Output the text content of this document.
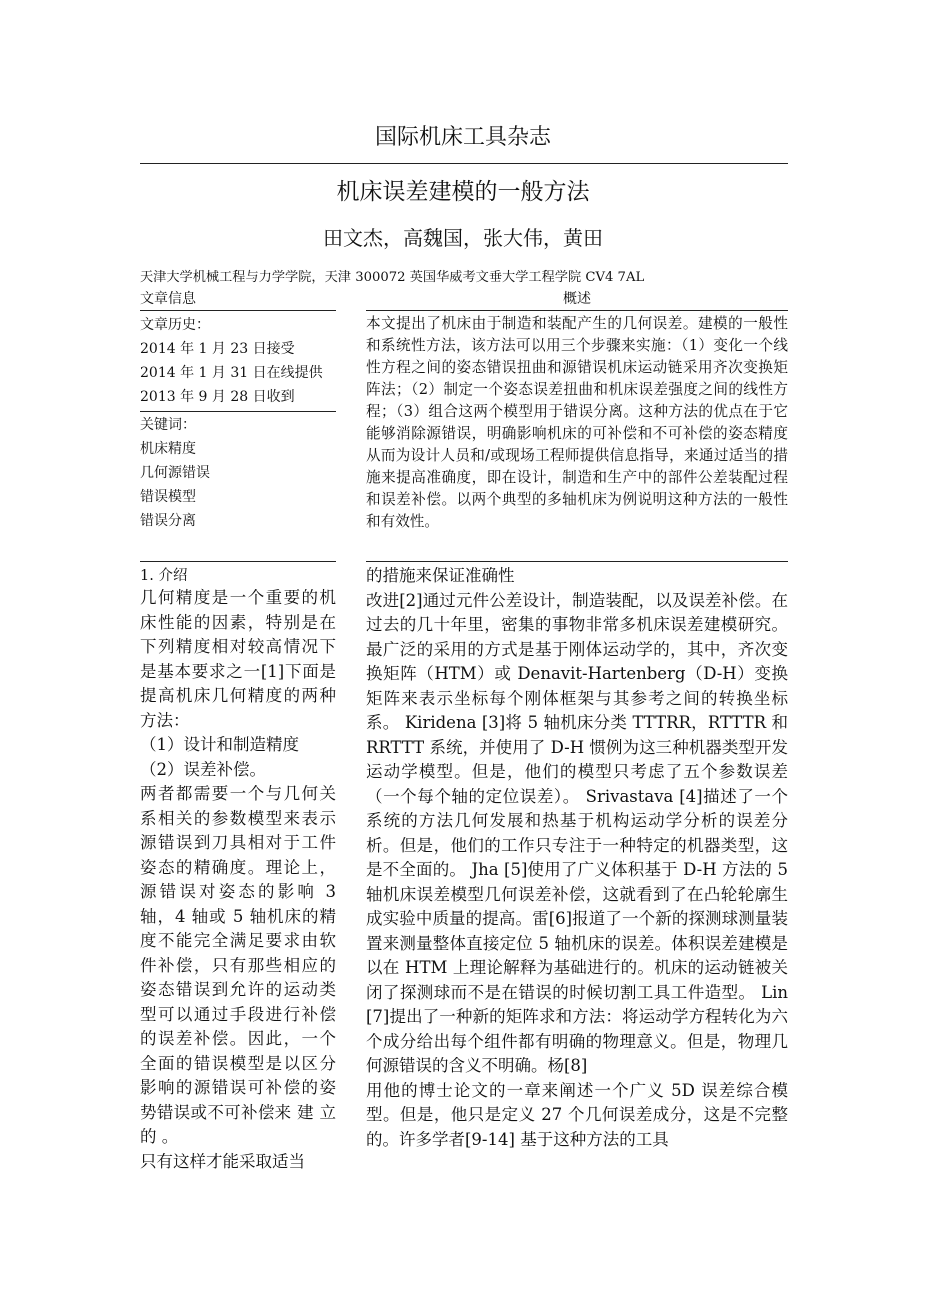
国际机床工具杂志
机床误差建模的一般方法
田文杰，高魏国，张大伟，黄田
天津大学机械工程与力学学院，天津 300072 英国华威考文垂大学工程学院 CV4 7AL
文章信息	概述
文章历史：
2014 年 1 月 23 日接受
2014 年 1 月 31 日在线提供
2013 年 9 月 28 日收到
关键词：
机床精度
几何源错误
错误模型
错误分离
本文提出了机床由于制造和装配产生的几何误差。建模的一般性和系统性方法，该方法可以用三个步骤来实施：（1）变化一个线性方程之间的姿态错误扭曲和源错误机床运动链采用齐次变换矩阵法；（2）制定一个姿态误差扭曲和机床误差强度之间的线性方程；（3）组合这两个模型用于错误分离。这种方法的优点在于它能够消除源错误，明确影响机床的可补偿和不可补偿的姿态精度从而为设计人员和/或现场工程师提供信息指导，来通过适当的措施来提高准确度，即在设计，制造和生产中的部件公差装配过程和误差补偿。以两个典型的多轴机床为例说明这种方法的一般性和有效性。
1. 介绍

几何精度是一个重要的机床性能的因素，特别是在下列精度相对较高情况下是基本要求之一[1]下面是提高机床几何精度的两种方法：

（1）设计和制造精度

（2）误差补偿。

两者都需要一个与几何关系相关的参数模型来表示源错误到刀具相对于工件姿态的精确度。理论上，源错误对姿态的影响 3 轴，4 轴或 5 轴机床的精度不能完全满足要求由软件补偿，只有那些相应的姿态错误到允许的运动类型可以通过手段进行补偿的误差补偿。因此，一个全面的错误模型是以区分影响的源错误可补偿的姿势错误或不可补偿来 建 立 的 。

只有这样才能采取适当

的措施来保证准确性

改进[2]通过元件公差设计，制造装配，以及误差补偿。在过去的几十年里，密集的事物非常多机床误差建模研究。最广泛的采用的方式是基于刚体运动学的，其中，齐次变换矩阵（HTM）或 Denavit-Hartenberg（D-H）变换矩阵来表示坐标每个刚体框架与其参考之间的转换坐标系。 Kiridena [3]将 5 轴机床分类 TTTRR，RTTTR 和 RRTTT 系统，并使用了 D-H 惯例为这三种机器类型开发运动学模型。但是，他们的模型只考虑了五个参数误差（一个每个轴的定位误差）。 Srivastava [4]描述了一个系统的方法几何发展和热基于机构运动学分析的误差分析。但是，他们的工作只专注于一种特定的机器类型，这是不全面的。 Jha [5]使用了广义体积基于 D-H 方法的 5 轴机床误差模型几何误差补偿，这就看到了在凸轮轮廓生成实验中质量的提高。雷[6]报道了一个新的探测球测量装置来测量整体直接定位 5 轴机床的误差。体积误差建模是以在 HTM 上理论解释为基础进行的。机床的运动链被关闭了探测球而不是在错误的时候切割工具工件造型。 Lin [7]提出了一种新的矩阵求和方法：将运动学方程转化为六个成分给出每个组件都有明确的物理意义。但是，物理几何源错误的含义不明确。杨[8]

用他的博士论文的一章来阐述一个广义 5D 误差综合模型。但是，他只是定义 27 个几何误差成分，这是不完整的。许多学者[9-14] 基于这种方法的工具
